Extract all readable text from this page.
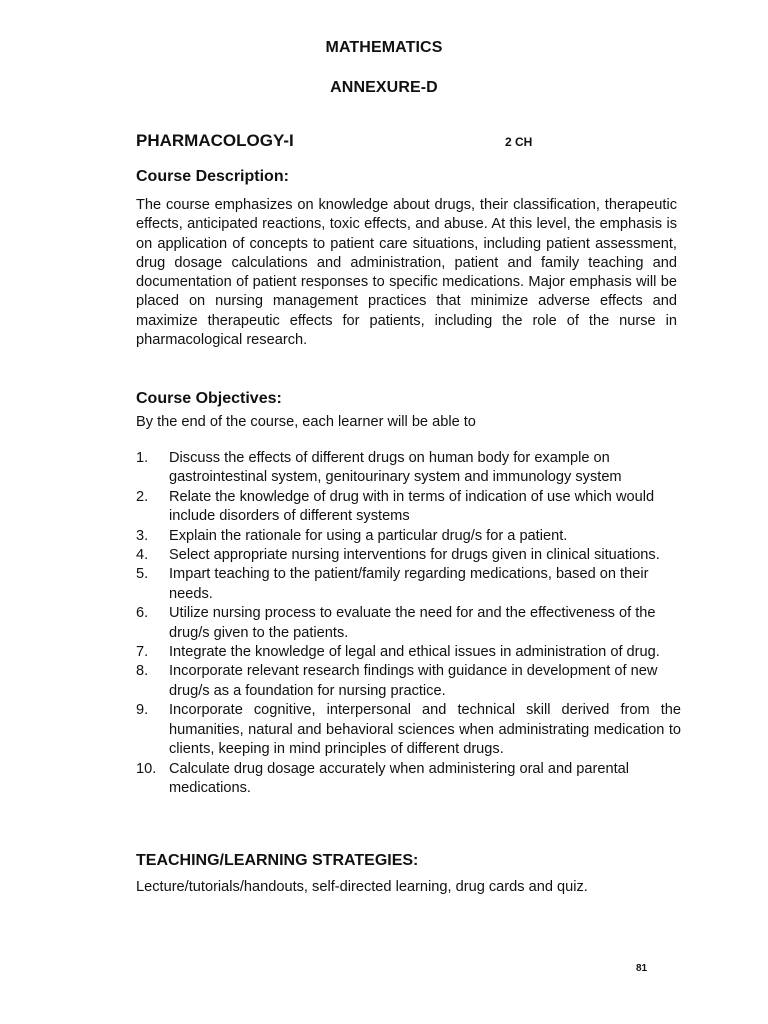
MATHEMATICS
ANNEXURE-D
PHARMACOLOGY-I	2 CH
Course Description:
The course emphasizes on knowledge about drugs, their classification, therapeutic effects, anticipated reactions, toxic effects, and abuse. At this level, the emphasis is on application of concepts to patient care situations, including patient assessment, drug dosage calculations and administration, patient and family teaching and documentation of patient responses to specific medications. Major emphasis will be placed on nursing management practices that minimize adverse effects and maximize therapeutic effects for patients, including the role of the nurse in pharmacological research.
Course Objectives:
By the end of the course, each learner will be able to
1.	Discuss the effects of different drugs on human body for example on gastrointestinal system, genitourinary system and immunology system
2.	Relate the knowledge of drug with in terms of indication of use which would include disorders of different systems
3.	Explain the rationale for using a particular drug/s for a patient.
4.	Select appropriate nursing interventions for drugs given in clinical situations.
5.	Impart teaching to the patient/family regarding medications, based on their needs.
6.	Utilize nursing process to evaluate the need for and the effectiveness of the drug/s given to the patients.
7.	Integrate the knowledge of legal and ethical issues in administration of drug.
8.	Incorporate relevant research findings with guidance in development of new drug/s as a foundation for nursing practice.
9.	Incorporate cognitive, interpersonal and technical skill derived from the humanities, natural and behavioral sciences when administrating medication to clients, keeping in mind principles of different drugs.
10. Calculate drug dosage accurately when administering oral and parental medications.
TEACHING/LEARNING STRATEGIES:
Lecture/tutorials/handouts, self-directed learning, drug cards and quiz.
81
